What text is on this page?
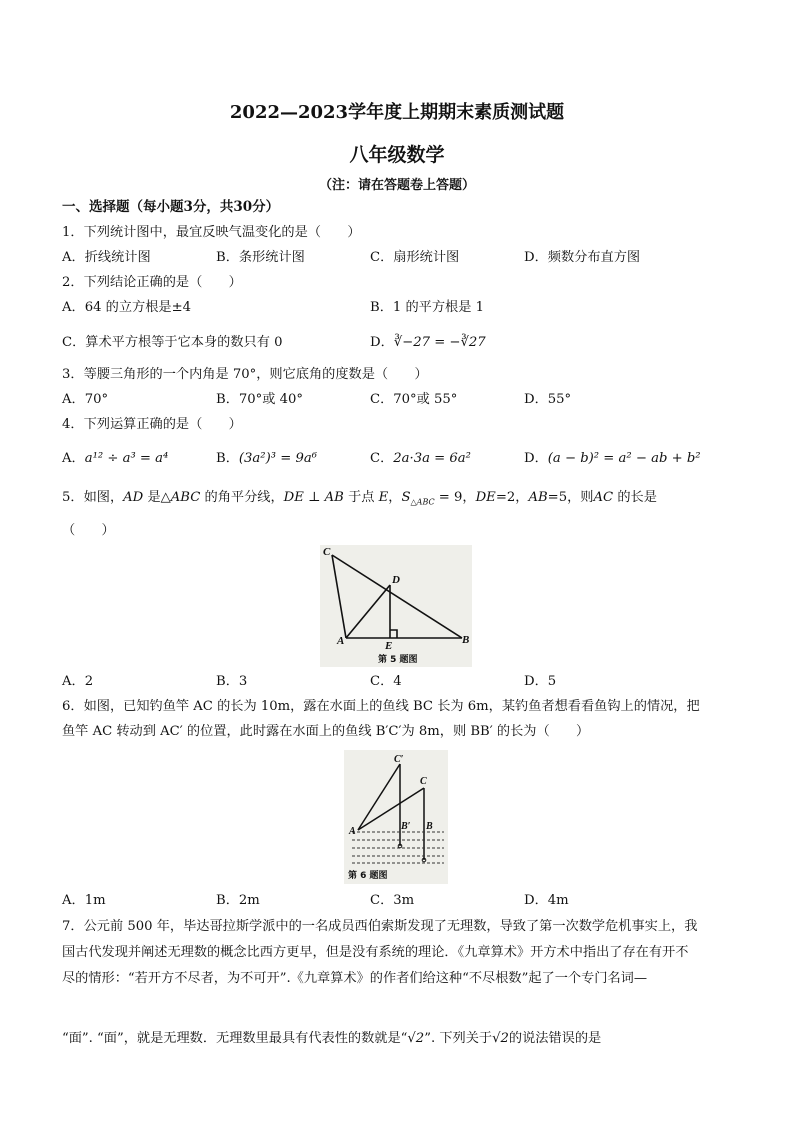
2022—2023学年度上期期末素质测试题
八年级数学
（注：请在答题卷上答题）
一、选择题（每小题3分，共30分）
1．下列统计图中，最宜反映气温变化的是（　　）
A．折线统计图	B．条形统计图	C．扇形统计图	D．频数分布直方图
2．下列结论正确的是（　　）
A．64 的立方根是±4	B．1 的平方根是 1
C．算术平方根等于它本身的数只有 0	D．∛−27 = −∛27
3．等腰三角形的一个内角是 70°，则它底角的度数是（　　）
A．70°	B．70°或 40°	C．70°或 55°	D．55°
4．下列运算正确的是（　　）
A．a¹² ÷ a³ = a⁴	B．(3a²)³ = 9a⁶	C．2a·3a = 6a²	D．(a − b)² = a² − ab + b²
5．如图，AD 是△ABC 的角平分线，DE ⊥ AB 于点 E，$S_{\triangle ABC} = 9$，DE=2，AB=5，则AC 的长是
（　　）
C
D
A	E	B
第 5 题图
A．2	B．3	C．4	D．5
6．如图，已知钓鱼竿 AC 的长为 10m，露在水面上的鱼线 BC 长为 6m，某钓鱼者想看看鱼钩上的情况，把
鱼竿 AC 转动到 AC′ 的位置，此时露在水面上的鱼线 B′C′为 8m，则 BB′ 的长为（　　）
C′
C
A	B′ B
第 6 题图
A．1m	B．2m	C．3m	D．4m
7．公元前 500 年，毕达哥拉斯学派中的一名成员西伯索斯发现了无理数，导致了第一次数学危机事实上，我
国古代发现并阐述无理数的概念比西方更早，但是没有系统的理论．《九章算术》开方术中指出了存在有开不
尽的情形：“若开方不尽者，为不可开”.《九章算术》的作者们给这种“不尽根数”起了一个专门名词—
“面”. “面”，就是无理数．无理数里最具有代表性的数就是“√2”. 下列关于√2的说法错误的是
